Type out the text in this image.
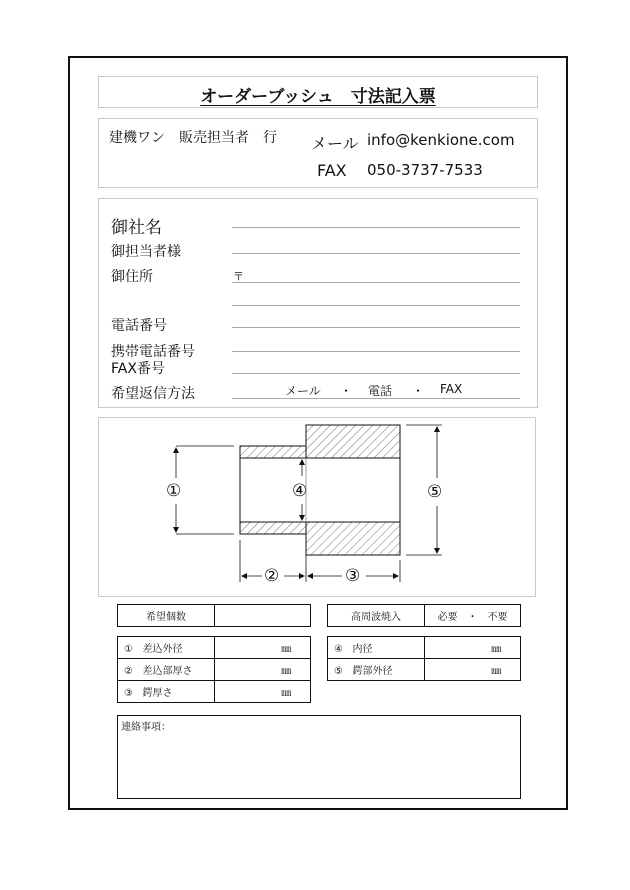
オーダーブッシュ　寸法記入票
建機ワン　販売担当者　行 メール info@kenkione.com
FAX 050-3737-7533
御社名
御担当者様
御住所	〒
電話番号
携帯電話番号
FAX番号
希望返信方法	メール ・ 電話 ・ FAX
①	④	⑤
②	③
希望個数		高周波焼入	必要　・　不要
① 差込外径	㎜
② 差込部厚さ	㎜
③ 鍔厚さ	㎜
④ 内径	㎜
⑤ 鍔部外径	㎜
連絡事項：
